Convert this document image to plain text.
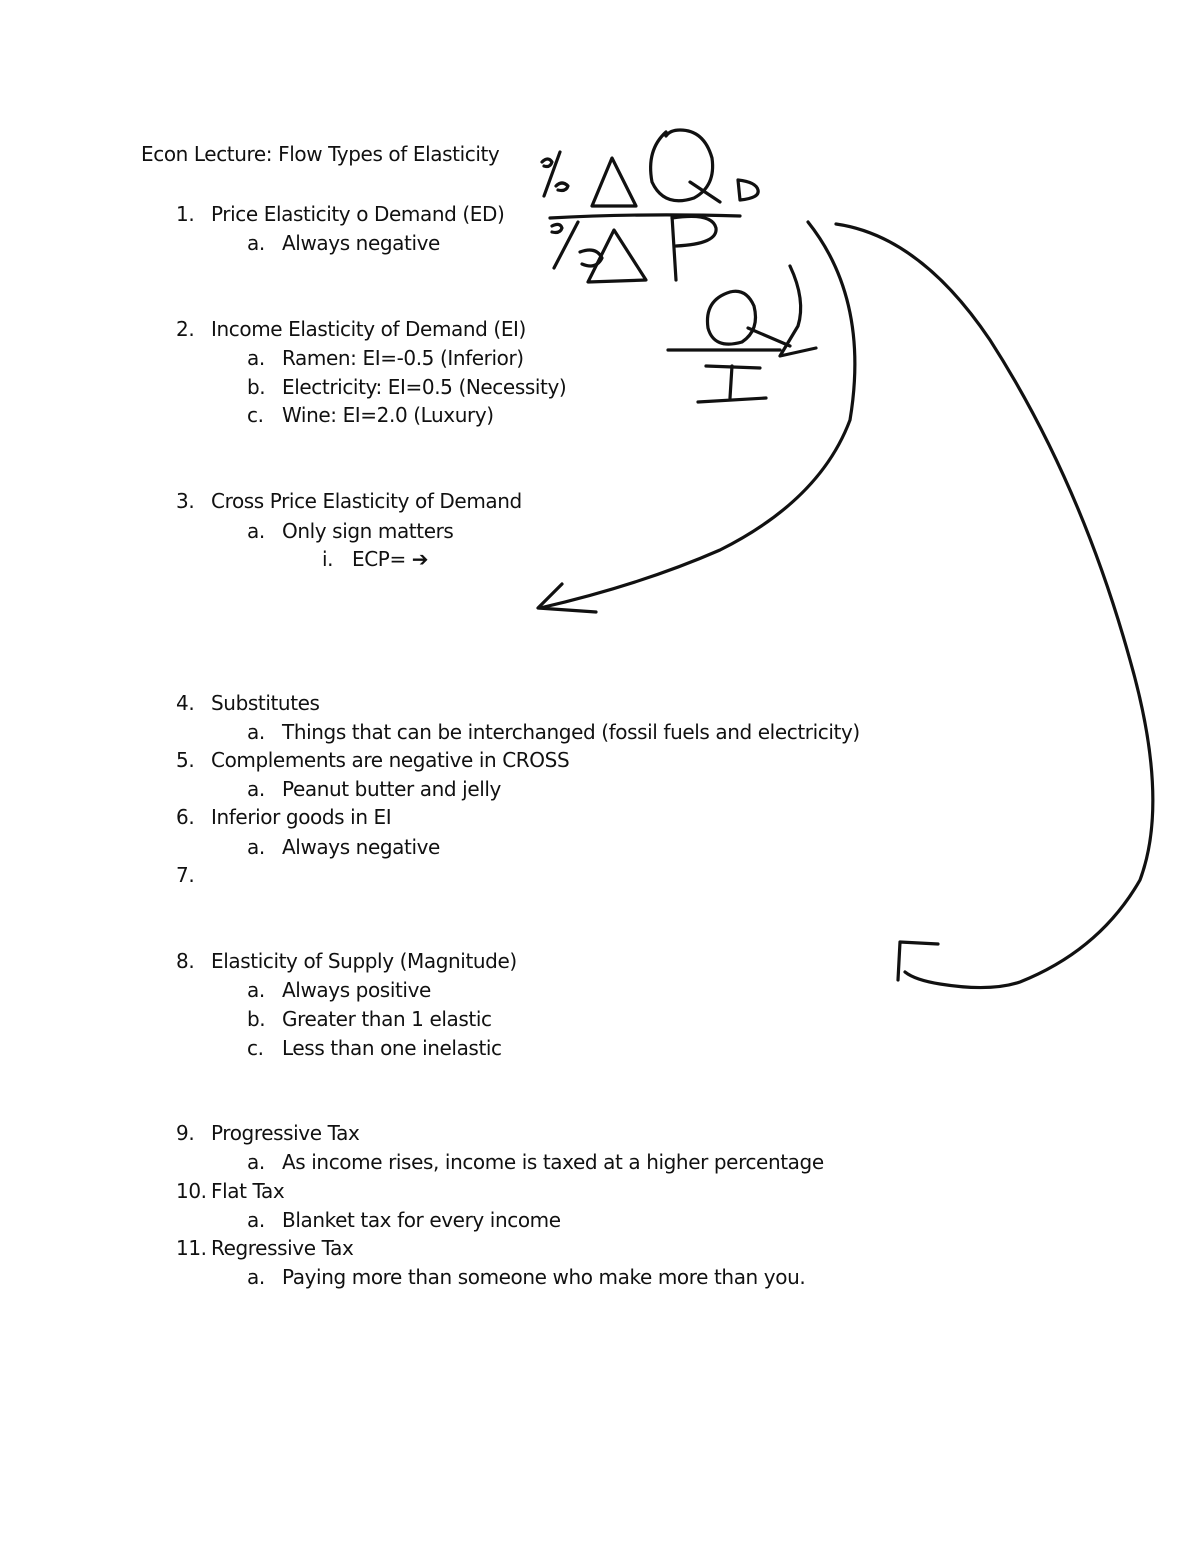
Econ Lecture: Flow Types of Elasticity
1. Price Elasticity o Demand (ED)
a. Always negative
2. Income Elasticity of Demand (EI)
a. Ramen: EI=-0.5 (Inferior)
b. Electricity: EI=0.5 (Necessity)
c. Wine: EI=2.0 (Luxury)
3. Cross Price Elasticity of Demand
a. Only sign matters
i. ECP= ➔
4. Substitutes
a. Things that can be interchanged (fossil fuels and electricity)
5. Complements are negative in CROSS
a. Peanut butter and jelly
6. Inferior goods in EI
a. Always negative
7.
8. Elasticity of Supply (Magnitude)
a. Always positive
b. Greater than 1 elastic
c. Less than one inelastic
9. Progressive Tax
a. As income rises, income is taxed at a higher percentage
10. Flat Tax
a. Blanket tax for every income
11. Regressive Tax
a. Paying more than someone who make more than you.
